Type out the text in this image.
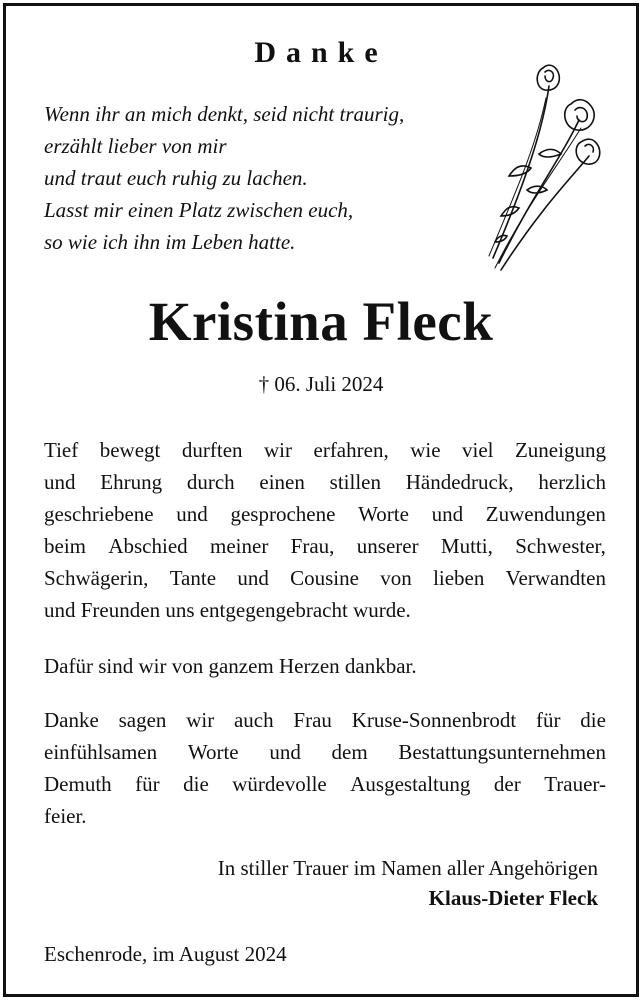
Danke
Wenn ihr an mich denkt, seid nicht traurig,
erzählt lieber von mir
und traut euch ruhig zu lachen.
Lasst mir einen Platz zwischen euch,
so wie ich ihn im Leben hatte.
Kristina Fleck
† 06. Juli 2024
Tief bewegt durften wir erfahren, wie viel Zuneigung
und Ehrung durch einen stillen Händedruck, herzlich
geschriebene und gesprochene Worte und Zuwendungen
beim Abschied meiner Frau, unserer Mutti, Schwester,
Schwägerin, Tante und Cousine von lieben Verwandten
und Freunden uns entgegengebracht wurde.
Dafür sind wir von ganzem Herzen dankbar.
Danke sagen wir auch Frau Kruse-Sonnenbrodt für die
einfühlsamen Worte und dem Bestattungsunternehmen
Demuth für die würdevolle Ausgestaltung der Trauer-
feier.
In stiller Trauer im Namen aller Angehörigen
Klaus-Dieter Fleck
Eschenrode, im August 2024
